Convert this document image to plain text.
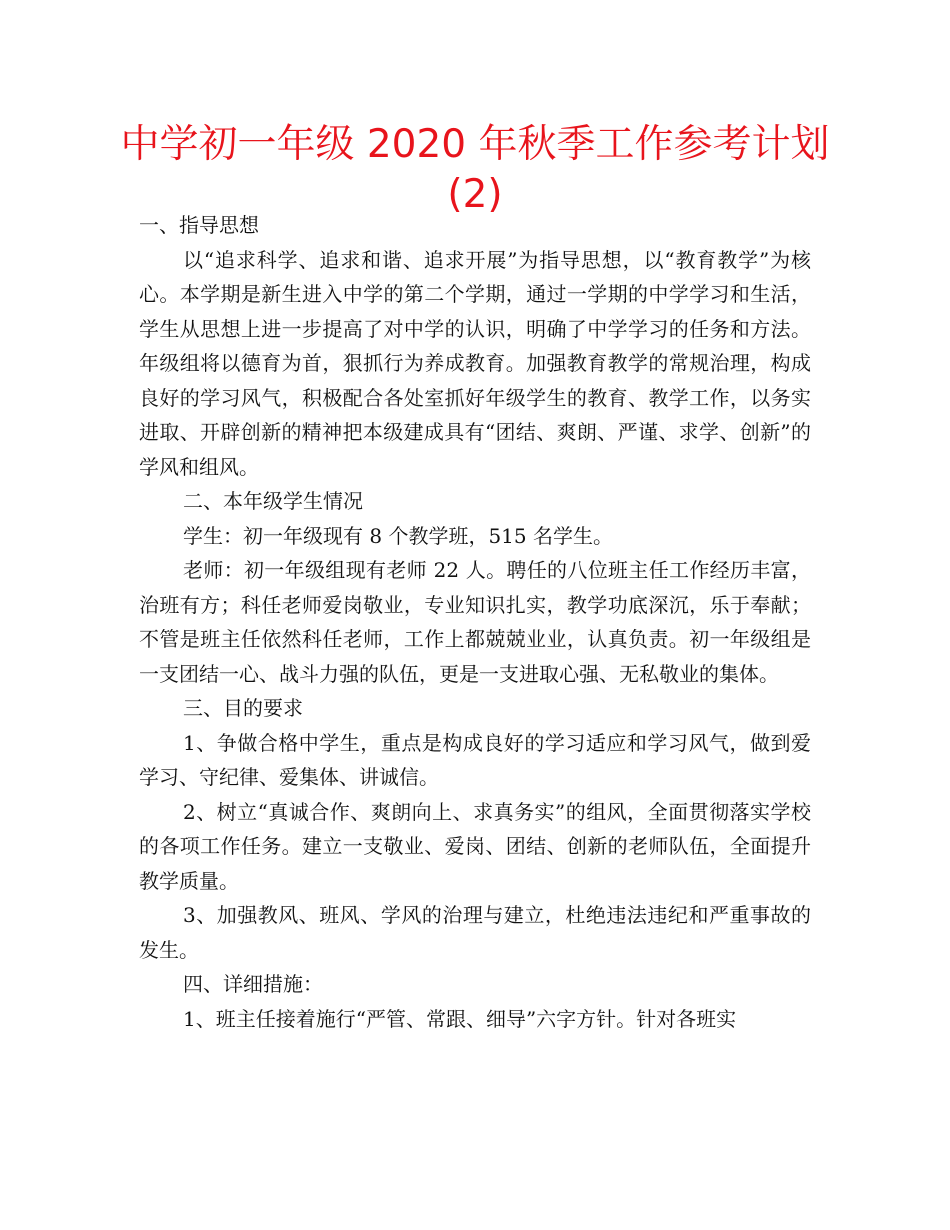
中学初一年级 2020 年秋季工作参考计划
(2)

一、指导思想

以“追求科学、追求和谐、追求开展”为指导思想，以“教育教学”为核心。本学期是新生进入中学的第二个学期，通过一学期的中学学习和生活，学生从思想上进一步提高了对中学的认识，明确了中学学习的任务和方法。年级组将以德育为首，狠抓行为养成教育。加强教育教学的常规治理，构成良好的学习风气，积极配合各处室抓好年级学生的教育、教学工作，以务实进取、开辟创新的精神把本级建成具有“团结、爽朗、严谨、求学、创新”的学风和组风。

二、本年级学生情况

学生：初一年级现有 8 个教学班，515 名学生。

老师：初一年级组现有老师 22 人。聘任的八位班主任工作经历丰富，治班有方；科任老师爱岗敬业，专业知识扎实，教学功底深沉，乐于奉献；不管是班主任依然科任老师，工作上都兢兢业业，认真负责。初一年级组是一支团结一心、战斗力强的队伍，更是一支进取心强、无私敬业的集体。

三、目的要求

1、争做合格中学生，重点是构成良好的学习适应和学习风气，做到爱学习、守纪律、爱集体、讲诚信。

2、树立“真诚合作、爽朗向上、求真务实”的组风，全面贯彻落实学校的各项工作任务。建立一支敬业、爱岗、团结、创新的老师队伍，全面提升教学质量。

3、加强教风、班风、学风的治理与建立，杜绝违法违纪和严重事故的发生。

四、详细措施：

1、班主任接着施行“严管、常跟、细导”六字方针。针对各班实
